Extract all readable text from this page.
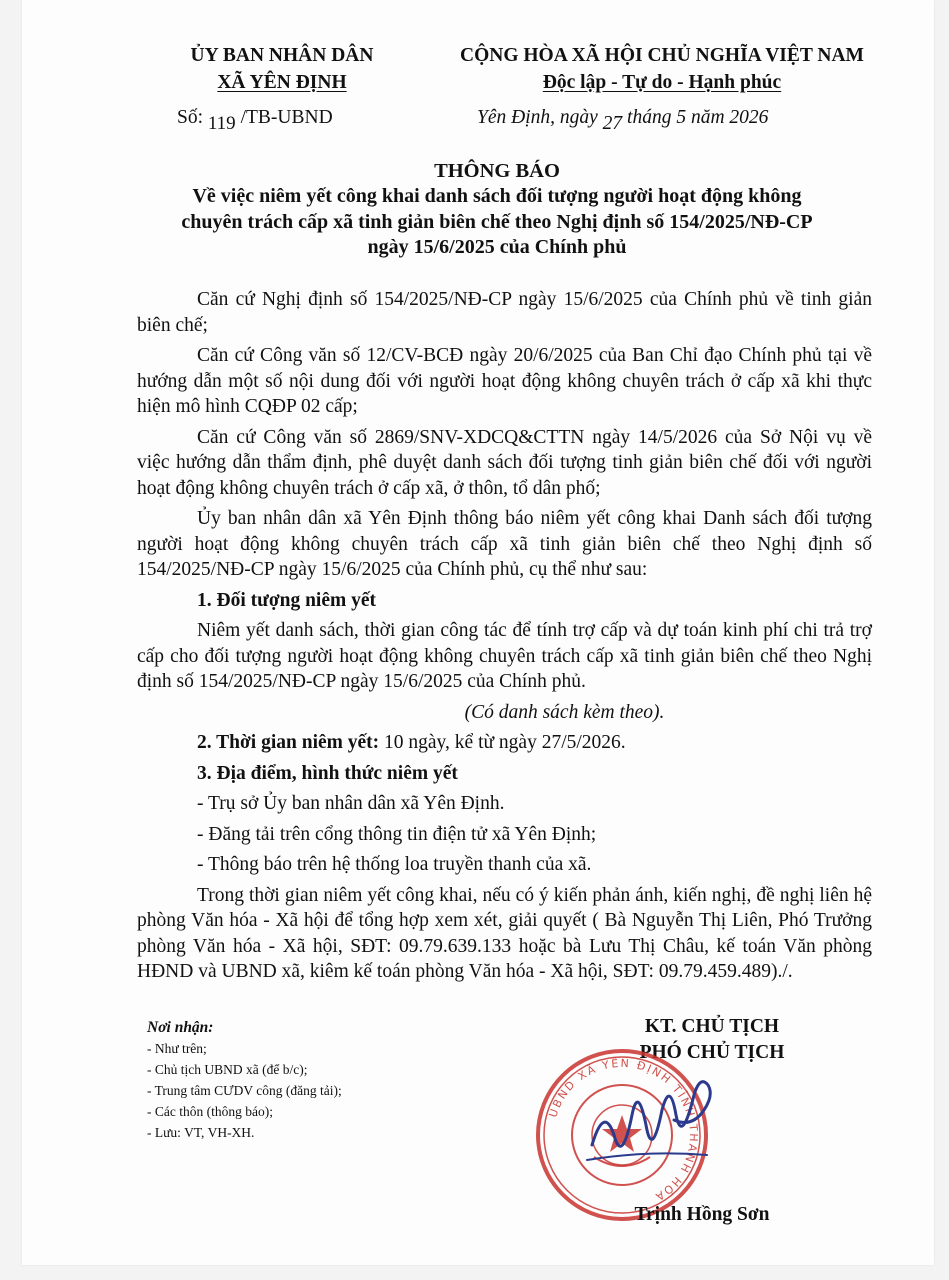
ỦY BAN NHÂN DÂN
XÃ YÊN ĐỊNH
CỘNG HÒA XÃ HỘI CHỦ NGHĨA VIỆT NAM
Độc lập - Tự do - Hạnh phúc
Số: 119 /TB-UBND	Yên Định, ngày 27 tháng 5 năm 2026
THÔNG BÁO
Về việc niêm yết công khai danh sách đối tượng người hoạt động không
chuyên trách cấp xã tinh giản biên chế theo Nghị định số 154/2025/NĐ-CP
ngày 15/6/2025 của Chính phủ

Căn cứ Nghị định số 154/2025/NĐ-CP ngày 15/6/2025 của Chính phủ về tinh giản biên chế;

Căn cứ Công văn số 12/CV-BCĐ ngày 20/6/2025 của Ban Chỉ đạo Chính phủ tại về hướng dẫn một số nội dung đối với người hoạt động không chuyên trách ở cấp xã khi thực hiện mô hình CQĐP 02 cấp;

Căn cứ Công văn số 2869/SNV-XDCQ&CTTN ngày 14/5/2026 của Sở Nội vụ về việc hướng dẫn thẩm định, phê duyệt danh sách đối tượng tinh giản biên chế đối với người hoạt động không chuyên trách ở cấp xã, ở thôn, tổ dân phố;

Ủy ban nhân dân xã Yên Định thông báo niêm yết công khai Danh sách đối tượng người hoạt động không chuyên trách cấp xã tinh giản biên chế theo Nghị định số 154/2025/NĐ-CP ngày 15/6/2025 của Chính phủ, cụ thể như sau:

1. Đối tượng niêm yết

Niêm yết danh sách, thời gian công tác để tính trợ cấp và dự toán kinh phí chi trả trợ cấp cho đối tượng người hoạt động không chuyên trách cấp xã tinh giản biên chế theo Nghị định số 154/2025/NĐ-CP ngày 15/6/2025 của Chính phủ.

(Có danh sách kèm theo).

2. Thời gian niêm yết: 10 ngày, kể từ ngày 27/5/2026.

3. Địa điểm, hình thức niêm yết

- Trụ sở Ủy ban nhân dân xã Yên Định.

- Đăng tải trên cổng thông tin điện tử xã Yên Định;

- Thông báo trên hệ thống loa truyền thanh của xã.

Trong thời gian niêm yết công khai, nếu có ý kiến phản ánh, kiến nghị, đề nghị liên hệ phòng Văn hóa - Xã hội để tổng hợp xem xét, giải quyết ( Bà Nguyễn Thị Liên, Phó Trưởng phòng Văn hóa - Xã hội, SĐT: 09.79.639.133 hoặc bà Lưu Thị Châu, kế toán Văn phòng HĐND và UBND xã, kiêm kế toán phòng Văn hóa - Xã hội, SĐT: 09.79.459.489)./.

Nơi nhận:
- Như trên;
- Chủ tịch UBND xã (để b/c);
- Trung tâm CƯDV công (đăng tải);
- Các thôn (thông báo);
- Lưu: VT, VH-XH.
KT. CHỦ TỊCH
PHÓ CHỦ TỊCH
UBND XÃ YÊN ĐỊNH TỈNH THANH HÓA
Trịnh Hồng Sơn
